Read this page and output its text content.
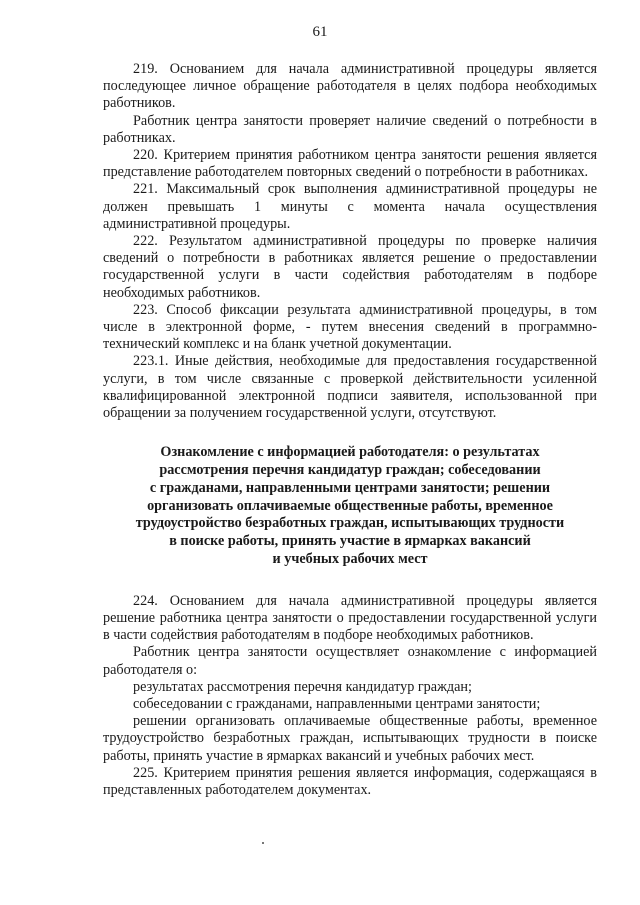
61

219. Основанием для начала административной процедуры является последующее личное обращение работодателя в целях подбора необходимых работников.

Работник центра занятости проверяет наличие сведений о потребности в работниках.

220. Критерием принятия работником центра занятости решения является представление работодателем повторных сведений о потребности в работниках.

221. Максимальный срок выполнения административной процедуры не должен превышать 1 минуты с момента начала осуществления административной процедуры.

222. Результатом административной процедуры по проверке наличия сведений о потребности в работниках является решение о предоставлении государственной услуги в части содействия работодателям в подборе необходимых работников.

223. Способ фиксации результата административной процедуры, в том числе в электронной форме, - путем внесения сведений в программно-технический комплекс и на бланк учетной документации.

223.1. Иные действия, необходимые для предоставления государственной услуги, в том числе связанные с проверкой действительности усиленной квалифицированной электронной подписи заявителя, использованной при обращении за получением государственной услуги, отсутствуют.

Ознакомление с информацией работодателя: о результатах
рассмотрения перечня кандидатур граждан; собеседовании
с гражданами, направленными центрами занятости; решении
организовать оплачиваемые общественные работы, временное
трудоустройство безработных граждан, испытывающих трудности
в поиске работы, принять участие в ярмарках вакансий
и учебных рабочих мест

224. Основанием для начала административной процедуры является решение работника центра занятости о предоставлении государственной услуги в части содействия работодателям в подборе необходимых работников.

Работник центра занятости осуществляет ознакомление с информацией работодателя о:

результатах рассмотрения перечня кандидатур граждан;

собеседовании с гражданами, направленными центрами занятости;

решении организовать оплачиваемые общественные работы, временное трудоустройство безработных граждан, испытывающих трудности в поиске работы, принять участие в ярмарках вакансий и учебных рабочих мест.

225. Критерием принятия решения является информация, содержащаяся в представленных работодателем документах.
